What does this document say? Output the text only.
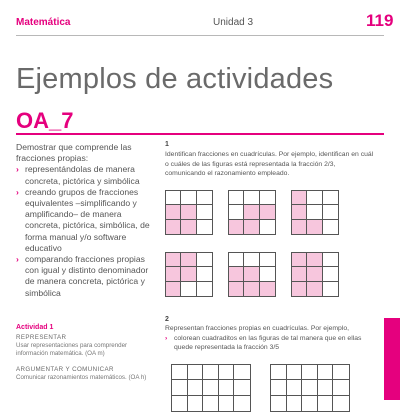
Matemática	Unidad 3	119
Ejemplos de actividades
OA_7

Demostrar que comprende las fracciones propias:

› representándolas de manera concreta, pictórica y simbólica
› creando grupos de fracciones equivalentes –simplificando y amplificando– de manera concreta, pictórica, simbólica, de forma manual y/o software educativo
› comparando fracciones propias con igual y distinto denominador de manera concreta, pictórica y simbólica
Actividad 1
REPRESENTAR
Usar representaciones para comprender información matemática. (OA m)
ARGUMENTAR Y COMUNICAR
Comunicar razonamientos matemáticos. (OA h)
1
Identifican fracciones en cuadrículas. Por ejemplo, identifican en cuál o cuáles de las figuras está representada la fracción 2/3, comunicando el razonamiento empleado.
2
Representan fracciones propias en cuadrículas. Por ejemplo,
› colorean cuadraditos en las figuras de tal manera que en ellas quede representada la fracción 3/5
